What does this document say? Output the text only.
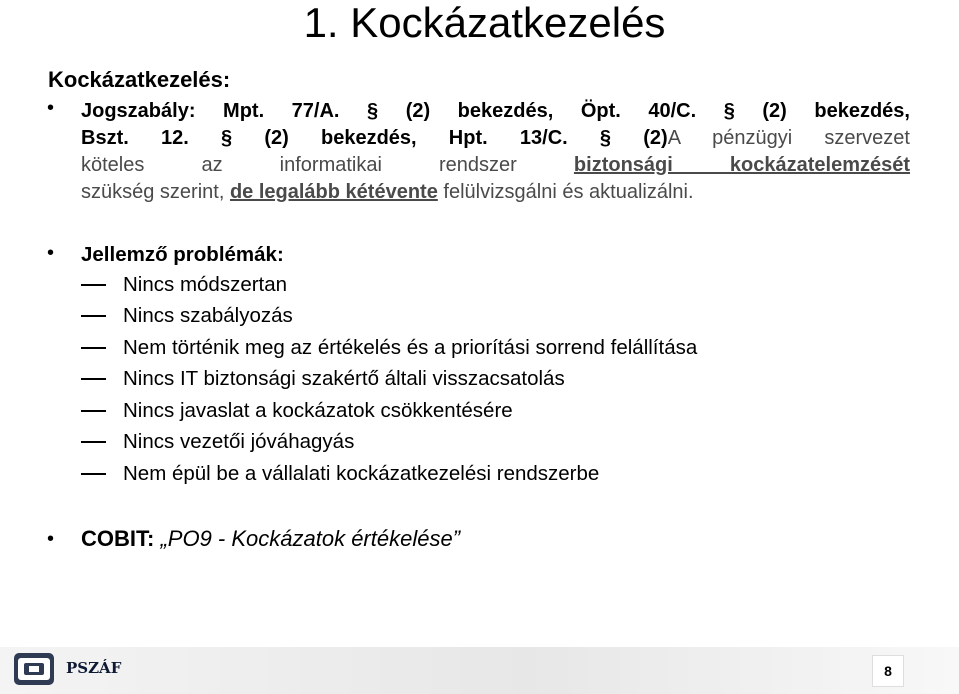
1. Kockázatkezelés
Kockázatkezelés:
• Jogszabály: Mpt. 77/A. § (2) bekezdés, Öpt. 40/C. § (2) bekezdés,
Bszt. 12. § (2) bekezdés, Hpt. 13/C. § (2)A pénzügyi szervezet
köteles az informatikai rendszer	biztonsági kockázatelemzését
szükség szerint, de legalább kétévente felülvizsgálni és aktualizálni.
• Jellemző problémák:
Nincs módszertan
Nincs szabályozás
Nem történik meg az értékelés és a priorítási sorrend felállítása
Nincs IT biztonsági szakértő általi visszacsatolás
Nincs javaslat a kockázatok csökkentésére
Nincs vezetői jóváhagyás
Nem épül be a vállalati kockázatkezelési rendszerbe
• COBIT: „PO9 - Kockázatok értékelése”
PSZÁF	8
